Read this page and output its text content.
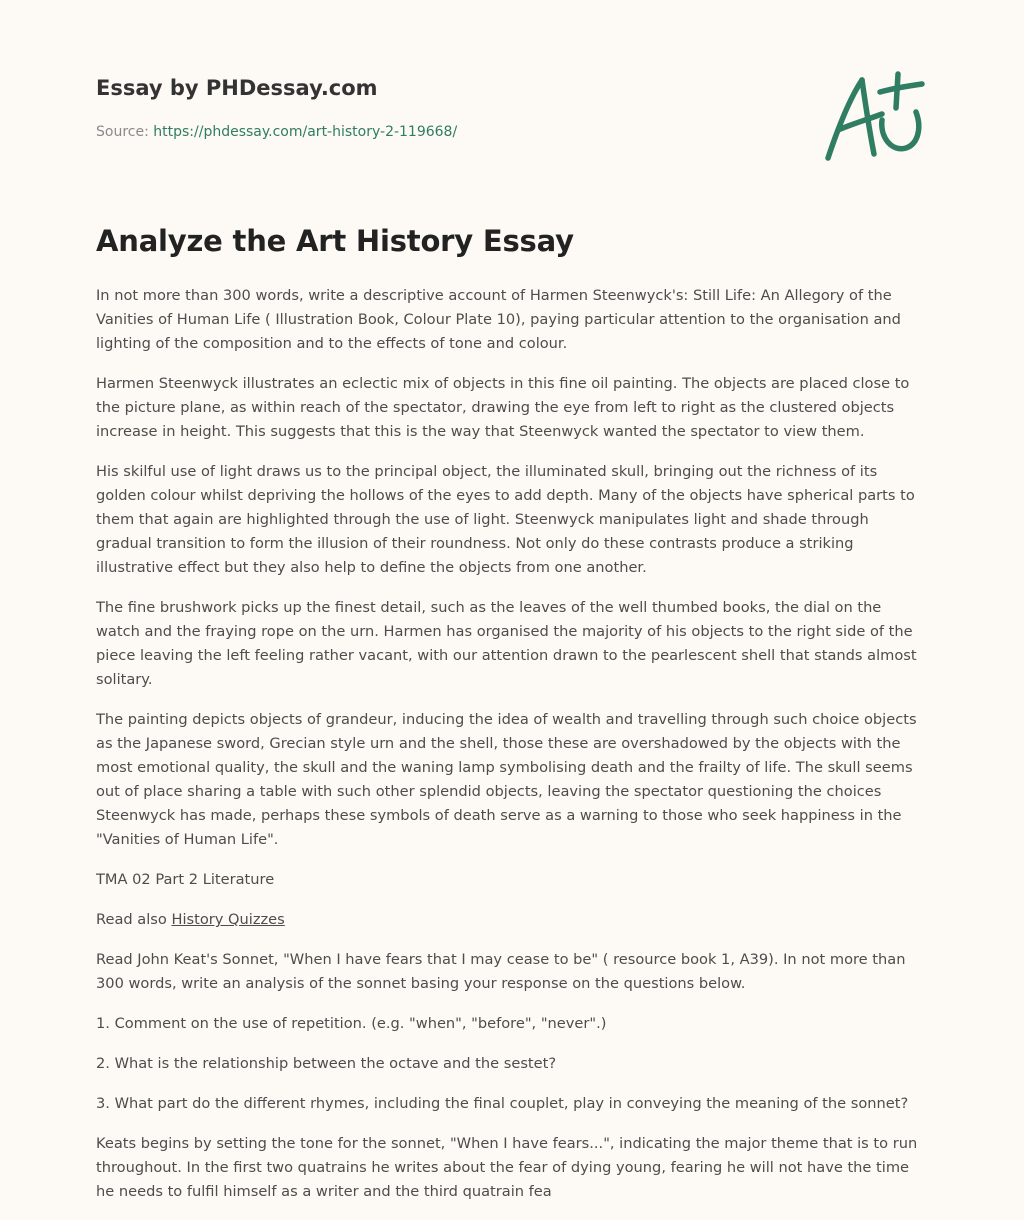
Essay by PHDessay.com
Source: https://phdessay.com/art-history-2-119668/
Analyze the Art History Essay

In not more than 300 words, write a descriptive account of Harmen Steenwyck's: Still Life: An Allegory of the Vanities of Human Life ( Illustration Book, Colour Plate 10), paying particular attention to the organisation and lighting of the composition and to the effects of tone and colour.

Harmen Steenwyck illustrates an eclectic mix of objects in this fine oil painting. The objects are placed close to the picture plane, as within reach of the spectator, drawing the eye from left to right as the clustered objects increase in height. This suggests that this is the way that Steenwyck wanted the spectator to view them.

His skilful use of light draws us to the principal object, the illuminated skull, bringing out the richness of its golden colour whilst depriving the hollows of the eyes to add depth. Many of the objects have spherical parts to them that again are highlighted through the use of light. Steenwyck manipulates light and shade through gradual transition to form the illusion of their roundness. Not only do these contrasts produce a striking illustrative effect but they also help to define the objects from one another.

The fine brushwork picks up the finest detail, such as the leaves of the well thumbed books, the dial on the watch and the fraying rope on the urn. Harmen has organised the majority of his objects to the right side of the piece leaving the left feeling rather vacant, with our attention drawn to the pearlescent shell that stands almost solitary.

The painting depicts objects of grandeur, inducing the idea of wealth and travelling through such choice objects as the Japanese sword, Grecian style urn and the shell, those these are overshadowed by the objects with the most emotional quality, the skull and the waning lamp symbolising death and the frailty of life. The skull seems out of place sharing a table with such other splendid objects, leaving the spectator questioning the choices Steenwyck has made, perhaps these symbols of death serve as a warning to those who seek happiness in the "Vanities of Human Life".

TMA 02 Part 2 Literature

Read also History Quizzes

Read John Keat's Sonnet, "When I have fears that I may cease to be" ( resource book 1, A39). In not more than 300 words, write an analysis of the sonnet basing your response on the questions below.

1. Comment on the use of repetition. (e.g. "when", "before", "never".)

2. What is the relationship between the octave and the sestet?

3. What part do the different rhymes, including the final couplet, play in conveying the meaning of the sonnet?

Keats begins by setting the tone for the sonnet, "When I have fears...", indicating the major theme that is to run throughout. In the first two quatrains he writes about the fear of dying young, fearing he will not have the time he needs to fulfil himself as a writer and the third quatrain fea
